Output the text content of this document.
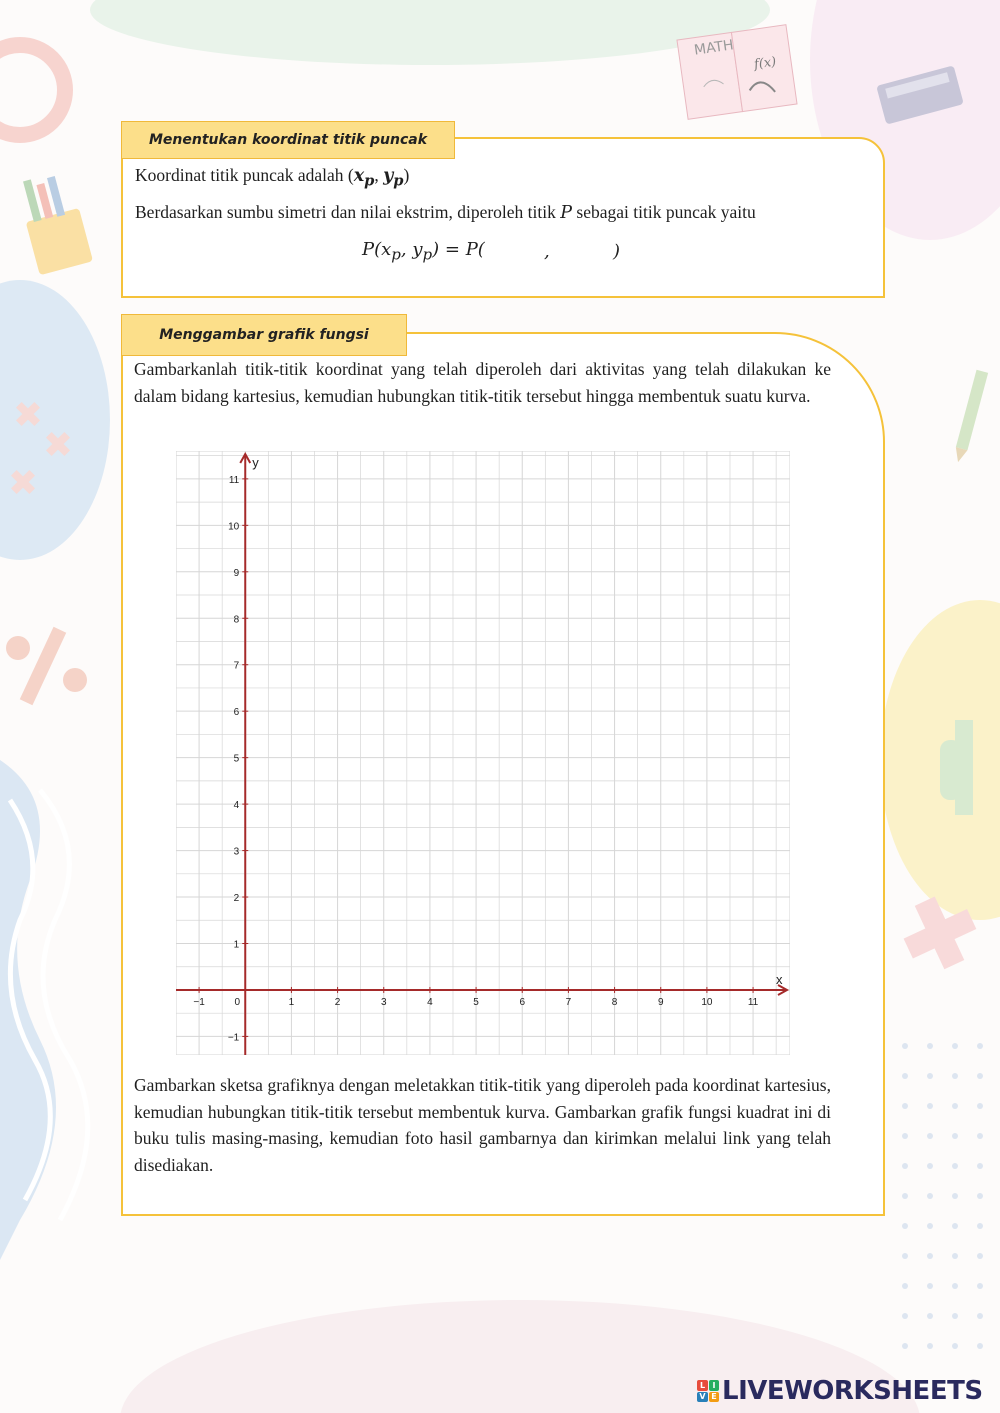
MATH
f(x)
Menentukan koordinat titik puncak
Koordinat titik puncak adalah ($x_p$, $y_p$)
Berdasarkan sumbu simetri dan nilai ekstrim, diperoleh titik P sebagai titik puncak yaitu
$P(x_p$, $y_p) = P$(	,	)
Menggambar grafik fungsi
Gambarkanlah titik-titik koordinat yang telah diperoleh dari aktivitas yang telah dilakukan ke dalam bidang kartesius, kemudian hubungkan titik-titik tersebut hingga membentuk suatu kurva.
−1	0	1	2	3	4	5	6	7	8	9	10	11
−1
1
2
3
4
5
6
7
8
9
10
11
x
y
Gambarkan sketsa grafiknya dengan meletakkan titik-titik yang diperoleh pada koordinat kartesius, kemudian hubungkan titik-titik tersebut membentuk kurva. Gambarkan grafik fungsi kuadrat ini di buku tulis masing-masing, kemudian foto hasil gambarnya dan kirimkan melalui link yang telah disediakan.
L I
V E LIVEWORKSHEETS
